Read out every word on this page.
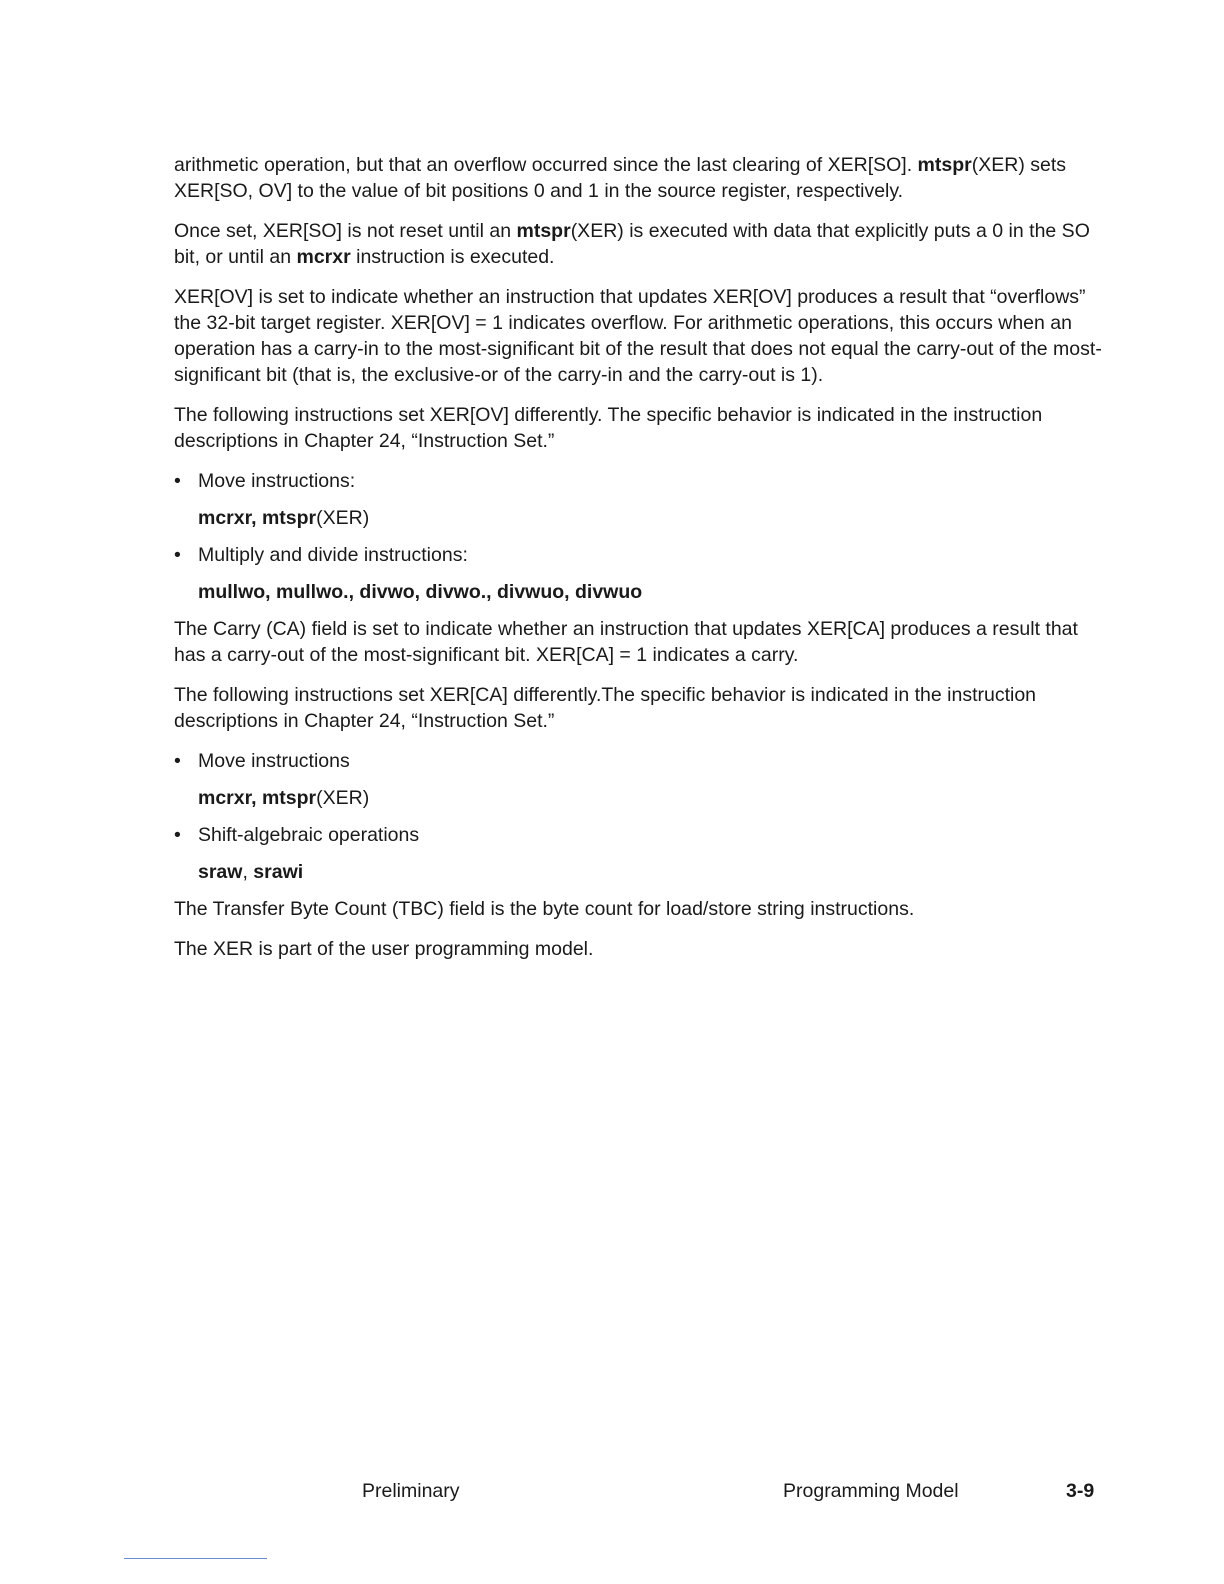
arithmetic operation, but that an overflow occurred since the last clearing of XER[SO]. mtspr(XER) sets XER[SO, OV] to the value of bit positions 0 and 1 in the source register, respectively.

Once set, XER[SO] is not reset until an mtspr(XER) is executed with data that explicitly puts a 0 in the SO bit, or until an mcrxr instruction is executed.

XER[OV] is set to indicate whether an instruction that updates XER[OV] produces a result that “overflows” the 32-bit target register. XER[OV] = 1 indicates overflow. For arithmetic operations, this occurs when an operation has a carry-in to the most-significant bit of the result that does not equal the carry-out of the most-significant bit (that is, the exclusive-or of the carry-in and the carry-out is 1).

The following instructions set XER[OV] differently. The specific behavior is indicated in the instruction descriptions in Chapter 24, “Instruction Set.”

• Move instructions:
mcrxr, mtspr(XER)
• Multiply and divide instructions:
mullwo, mullwo., divwo, divwo., divwuo, divwuo

The Carry (CA) field is set to indicate whether an instruction that updates XER[CA] produces a result that has a carry-out of the most-significant bit. XER[CA] = 1 indicates a carry.

The following instructions set XER[CA] differently.The specific behavior is indicated in the instruction descriptions in Chapter 24, “Instruction Set.”

• Move instructions
mcrxr, mtspr(XER)
• Shift-algebraic operations
sraw, srawi

The Transfer Byte Count (TBC) field is the byte count for load/store string instructions.

The XER is part of the user programming model.

Preliminary	Programming Model	3-9
